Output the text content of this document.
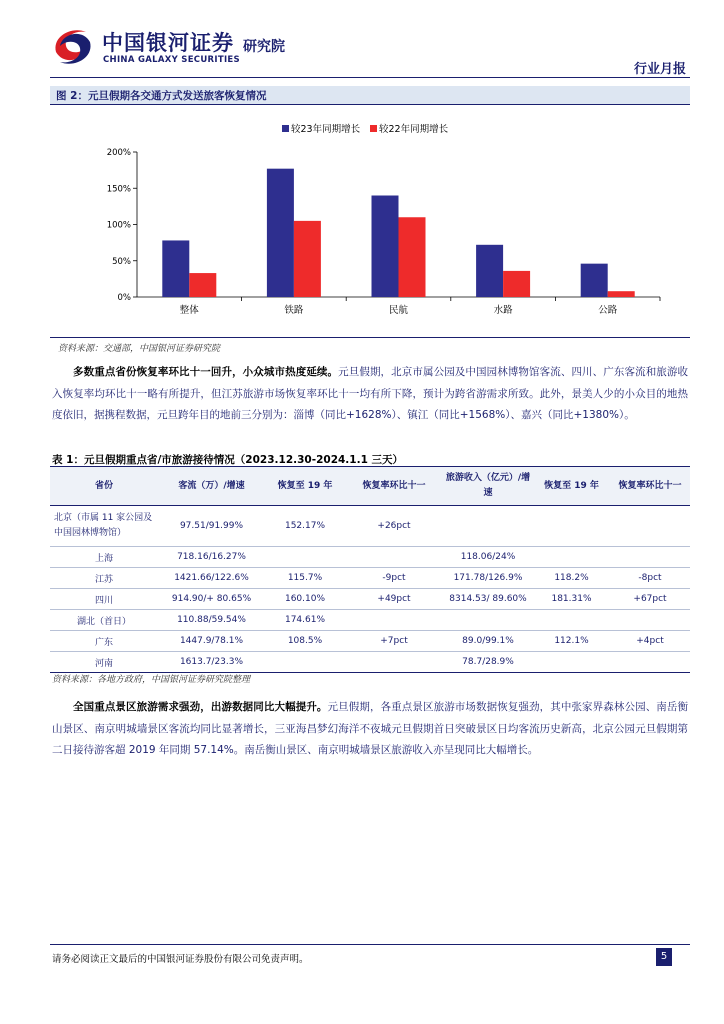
中国银河证券
CHINA GALAXY SECURITIES
研究院
行业月报
图 2：元旦假期各交通方式发送旅客恢复情况
较23年同期增长 较22年同期增长
0%
50%
100%
150%
200%
整体	铁路	民航	水路	公路
资料来源：交通部，中国银河证券研究院
多数重点省份恢复率环比十一回升，小众城市热度延续。元旦假期，北京市属公园及中国园林博物馆客流、四川、广东客流和旅游收入恢复率均环比十一略有所提升，但江苏旅游市场恢复率环比十一均有所下降，预计为跨省游需求所致。此外，景美人少的小众目的地热度依旧，据携程数据，元旦跨年目的地前三分别为：淄博（同比+1628%）、镇江（同比+1568%）、嘉兴（同比+1380%）。
表 1：元旦假期重点省/市旅游接待情况（2023.12.30-2024.1.1 三天）
省份	客流（万）/增速	恢复至 19 年	恢复率环比十一	旅游收入（亿元）/增速	恢复至 19 年	恢复率环比十一
北京（市属 11 家公园及中国园林博物馆）	97.51/91.99%	152.17%	+26pct			
上海	718.16/16.27%			118.06/24%		
江苏	1421.66/122.6%	115.7%	-9pct	171.78/126.9%	118.2%	-8pct
四川	914.90/+ 80.65%	160.10%	+49pct	8314.53/ 89.60%	181.31%	+67pct
湖北（首日）	110.88/59.54%	174.61%				
广东	1447.9/78.1%	108.5%	+7pct	89.0/99.1%	112.1%	+4pct
河南	1613.7/23.3%			78.7/28.9%		
资料来源：各地方政府，中国银河证券研究院整理
全国重点景区旅游需求强劲，出游数据同比大幅提升。元旦假期，各重点景区旅游市场数据恢复强劲，其中张家界森林公园、南岳衡山景区、南京明城墙景区客流均同比显著增长，三亚海昌梦幻海洋不夜城元旦假期首日突破景区日均客流历史新高，北京公园元旦假期第二日接待游客超 2019 年同期 57.14%。南岳衡山景区、南京明城墙景区旅游收入亦呈现同比大幅增长。
请务必阅读正文最后的中国银河证券股份有限公司免责声明。	5
